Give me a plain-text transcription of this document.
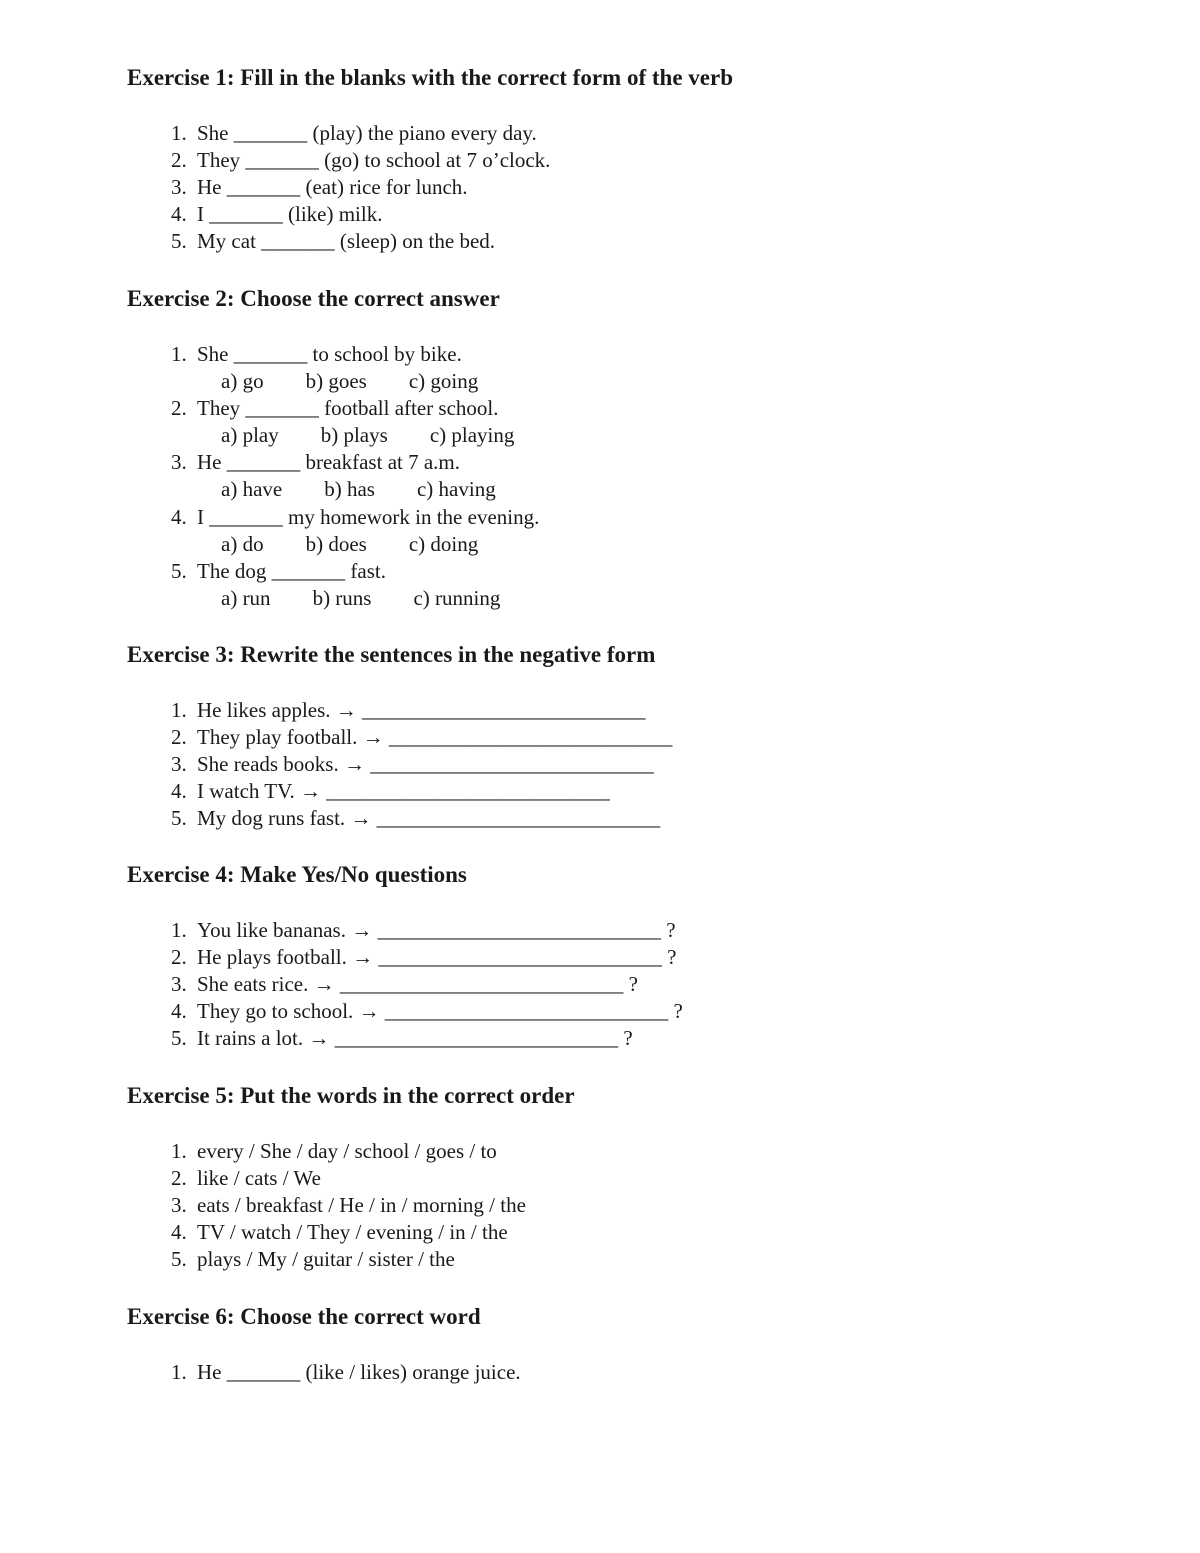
Exercise 1: Fill in the blanks with the correct form of the verb
1. She _______ (play) the piano every day.
2. They _______ (go) to school at 7 o’clock.
3. He _______ (eat) rice for lunch.
4. I _______ (like) milk.
5. My cat _______ (sleep) on the bed.
Exercise 2: Choose the correct answer
1. She _______ to school by bike.
a) go b) goes c) going
2. They _______ football after school.
a) play b) plays c) playing
3. He _______ breakfast at 7 a.m.
a) have b) has c) having
4. I _______ my homework in the evening.
a) do b) does c) doing
5. The dog _______ fast.
a) run b) runs c) running
Exercise 3: Rewrite the sentences in the negative form
1. He likes apples. → ___________________________
2. They play football. → ___________________________
3. She reads books. → ___________________________
4. I watch TV. → ___________________________
5. My dog runs fast. → ___________________________
Exercise 4: Make Yes/No questions
1. You like bananas. → ___________________________ ?
2. He plays football. → ___________________________ ?
3. She eats rice. → ___________________________ ?
4. They go to school. → ___________________________ ?
5. It rains a lot. → ___________________________ ?
Exercise 5: Put the words in the correct order
1. every / She / day / school / goes / to
2. like / cats / We
3. eats / breakfast / He / in / morning / the
4. TV / watch / They / evening / in / the
5. plays / My / guitar / sister / the
Exercise 6: Choose the correct word
1. He _______ (like / likes) orange juice.
